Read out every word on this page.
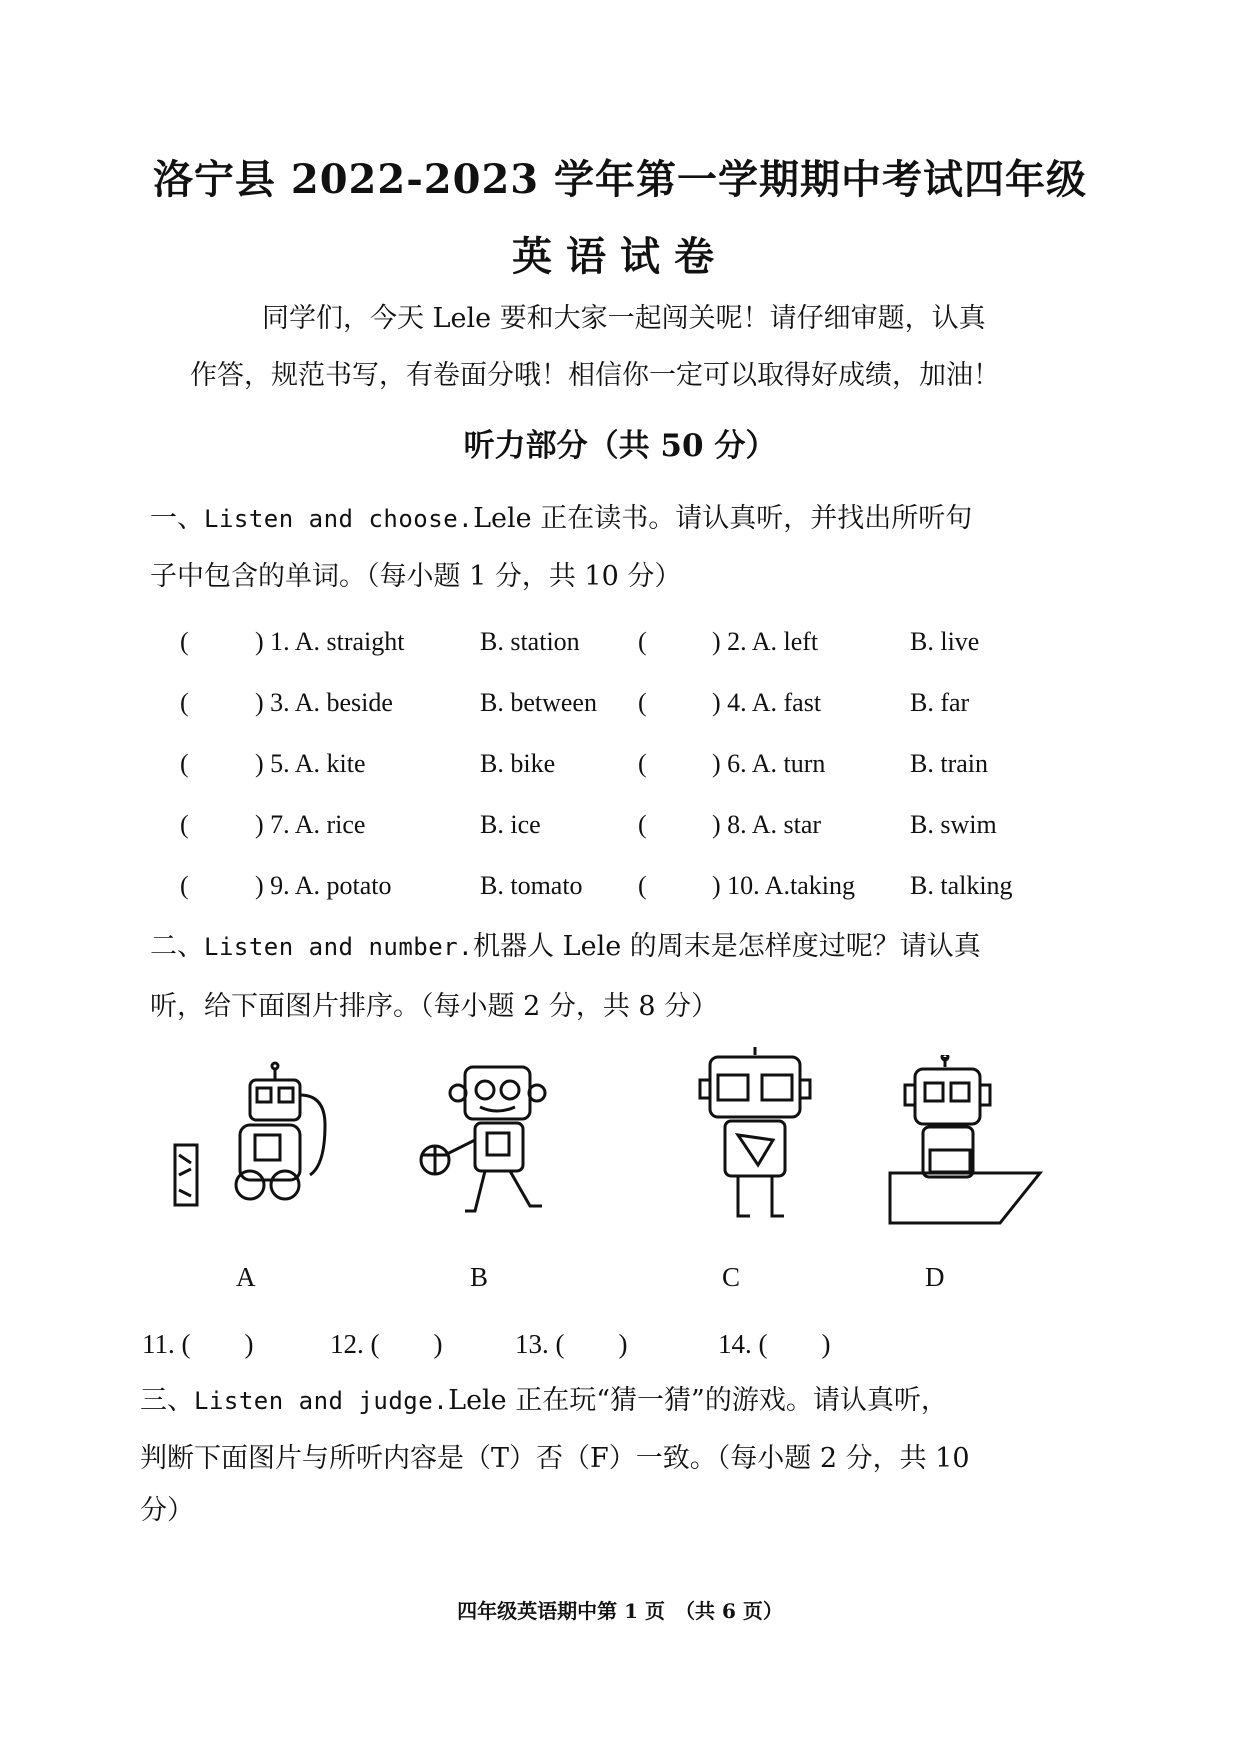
洛宁县 2022-2023 学年第一学期期中考试四年级
英语试卷
同学们，今天 Lele 要和大家一起闯关呢！请仔细审题，认真
作答，规范书写，有卷面分哦！相信你一定可以取得好成绩，加油！
听力部分（共 50 分）
一、Listen and choose.Lele 正在读书。请认真听，并找出所听句
子中包含的单词。（每小题 1 分，共 10 分）
(	) 1. A. straight	B. station (	) 2. A. left	B. live
(	) 3. A. beside	B. between (	) 4. A. fast	B. far
(	) 5. A. kite	B. bike	(	) 6. A. turn	B. train
(	) 7. A. rice	B. ice	(	) 8. A. star	B. swim
(	) 9. A. potato	B. tomato (	) 10. A.taking B. talking
二、Listen and number.机器人 Lele 的周末是怎样度过呢？请认真
听，给下面图片排序。（每小题 2 分，共 8 分）
A	B	C	D
11. (　　)	12. (　　)	13. (　　)	14. (　　)
三、Listen and judge.Lele 正在玩“猜一猜”的游戏。请认真听，
判断下面图片与所听内容是（T）否（F）一致。（每小题 2 分，共 10
分）
四年级英语期中第 1 页　（共 6 页）
